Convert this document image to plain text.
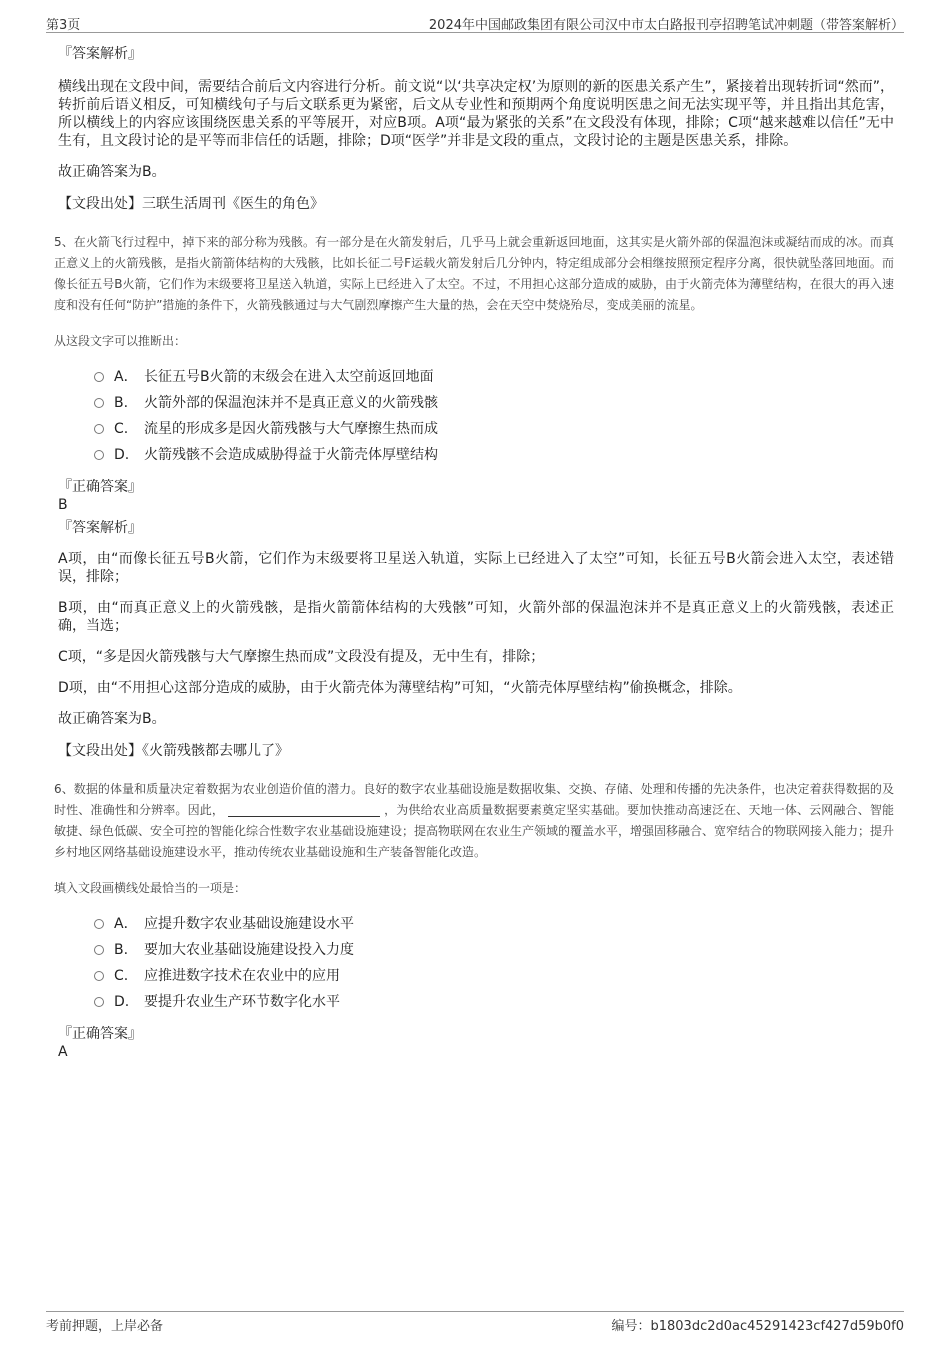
第3页	2024年中国邮政集团有限公司汉中市太白路报刊亭招聘笔试冲刺题（带答案解析）

『答案解析』

横线出现在文段中间，需要结合前后文内容进行分析。前文说“以‘共享决定权’为原则的新的医患关系产生”，紧接着出现转折词“然而”，转折前后语义相反，可知横线句子与后文联系更为紧密，后文从专业性和预期两个角度说明医患之间无法实现平等，并且指出其危害，所以横线上的内容应该围绕医患关系的平等展开，对应B项。A项“最为紧张的关系”在文段没有体现，排除；C项“越来越难以信任”无中生有，且文段讨论的是平等而非信任的话题，排除；D项“医学”并非是文段的重点，文段讨论的主题是医患关系，排除。

故正确答案为B。

【文段出处】三联生活周刊《医生的角色》

5、在火箭飞行过程中，掉下来的部分称为残骸。有一部分是在火箭发射后，几乎马上就会重新返回地面，这其实是火箭外部的保温泡沫或凝结而成的冰。而真正意义上的火箭残骸，是指火箭箭体结构的大残骸，比如长征二号F运载火箭发射后几分钟内，特定组成部分会相继按照预定程序分离，很快就坠落回地面。而像长征五号B火箭，它们作为末级要将卫星送入轨道，实际上已经进入了太空。不过，不用担心这部分造成的威胁，由于火箭壳体为薄壁结构，在很大的再入速度和没有任何“防护”措施的条件下，火箭残骸通过与大气剧烈摩擦产生大量的热，会在天空中焚烧殆尽，变成美丽的流星。

从这段文字可以推断出：

A． 长征五号B火箭的末级会在进入太空前返回地面
B. 火箭外部的保温泡沫并不是真正意义的火箭残骸
C. 流星的形成多是因火箭残骸与大气摩擦生热而成
D. 火箭残骸不会造成威胁得益于火箭壳体厚壁结构

『正确答案』

B

『答案解析』

A项，由“而像长征五号B火箭，它们作为末级要将卫星送入轨道，实际上已经进入了太空”可知，长征五号B火箭会进入太空，表述错误，排除；

B项，由“而真正意义上的火箭残骸，是指火箭箭体结构的大残骸”可知，火箭外部的保温泡沫并不是真正意义上的火箭残骸，表述正确，当选；

C项，“多是因火箭残骸与大气摩擦生热而成”文段没有提及，无中生有，排除；

D项，由“不用担心这部分造成的威胁，由于火箭壳体为薄壁结构”可知，“火箭壳体厚壁结构”偷换概念，排除。

故正确答案为B。

【文段出处】《火箭残骸都去哪儿了》

6、数据的体量和质量决定着数据为农业创造价值的潜力。良好的数字农业基础设施是数据收集、交换、存储、处理和传播的先决条件，也决定着获得数据的及时性、准确性和分辨率。因此，	，为供给农业高质量数据要素奠定坚实基础。要加快推动高速泛在、天地一体、云网融合、智能敏捷、绿色低碳、安全可控的智能化综合性数字农业基础设施建设；提高物联网在农业生产领域的覆盖水平，增强固移融合、宽窄结合的物联网接入能力；提升乡村地区网络基础设施建设水平，推动传统农业基础设施和生产装备智能化改造。

填入文段画横线处最恰当的一项是：

A． 应提升数字农业基础设施建设水平
B. 要加大农业基础设施建设投入力度
C. 应推进数字技术在农业中的应用
D. 要提升农业生产环节数字化水平

『正确答案』

A

考前押题，上岸必备	编号：b1803dc2d0ac45291423cf427d59b0f0
